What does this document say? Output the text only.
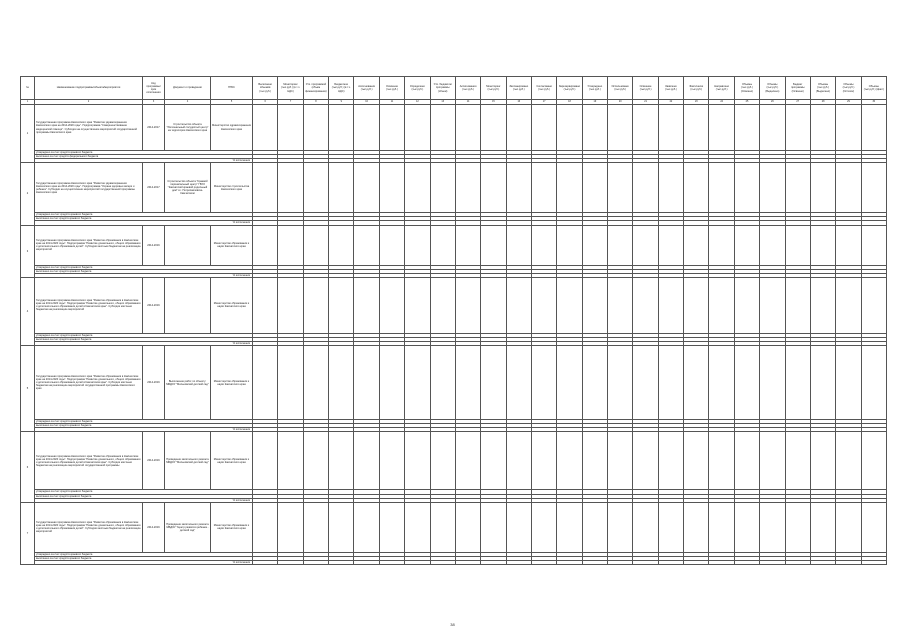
№	Наименование подпрограммы/объекта/мероприятия	Код программы/ срок исполнения	Документ о проведении	ГРБС	Выполнено объемов (тыс.руб.)	Мониторинг (тыс.руб.) (в т.ч. НДС)	Утв. программой (объем финансирования)	Бюджетное (тыс.руб.) (в т.ч. НДС)	Ассигнования (тыс.руб.)	Освоение (тыс.руб.)	Определено (тыс.руб.)	Утв. бюджетом программы (объем)	Ассигнования (тыс.руб.)	Мониторинг (тыс.руб.)	Запланировано (тыс.руб.)	Согласовано (тыс.руб.)	Зарезервировано (тыс.руб.)	Утверждено (тыс.руб.)	Использовано (тыс.руб.)	Освоение (тыс.руб.)	Заявлено (тыс.руб.)	Фактически (тыс.руб.)	Направлено (тыс.руб.)	Объемы (тыс.руб.) (Освоено)	Объемы (тыс.руб.) (Выделено)	Бюджет программы (Освоено)	Объемы (тыс.руб.) (Выделено)	Объемы (тыс.руб.) (Остаток)	Объемы (тыс.руб.) (факт)
1	2	3	4	5	6	7	8	9	10	11	12	13	14	15	16	17	18	19	20	21	22	23	24	25	26	27	28	29	30
1	Государственная программа Камчатского края "Развитие здравоохранения Камчатского края на 2014-2020 годы". Подпрограмма "Совершенствование медицинской помощи". Субсидии на осуществление мероприятий государственной программы Камчатского края	2014-2017	Строительство объекта "Региональный сосудистый центр" на территории Камчатского края	Министерство здравоохранения Камчатского края																									
	утверждено за счет средств краевого бюджета																												
	выполнено за счет средств федерального бюджета																												
	% исполнения																												
2	Государственная программа Камчатского края "Развитие здравоохранения Камчатского края на 2014-2020 годы". Подпрограмма "Охрана здоровья матери и ребенка". Субсидии на осуществление мероприятий государственной программы Камчатского края	2014-2017	Строительство объекта "Краевой перинатальный центр" ГБУЗ "Камчатский краевой родильный дом" в г. Петропавловске-Камчатском	Министерство строительства Камчатского края																									
	утверждено за счет средств краевого бюджета																												
	выполнено за счет средств краевого бюджета																												
	% исполнения																												
3	Государственная программа Камчатского края "Развитие образования в Камчатском крае на 2014-2020 годы". Подпрограмма "Развитие дошкольного, общего образования и дополнительного образования детей". Субсидии местным бюджетам на реализацию мероприятий	2014-2016		Министерство образования и науки Камчатского края																									
	утверждено за счет средств краевого бюджета																												
	выполнено за счет средств краевого бюджета																												
	% исполнения																												
4	Государственная программа Камчатского края "Развитие образования в Камчатском крае на 2014-2020 годы". Подпрограмма "Развитие дошкольного, общего образования и дополнительного образования детей в Камчатском крае". Субсидии местным бюджетам на реализацию мероприятий	2014-2016		Министерство образования и науки Камчатского края																									
	утверждено за счет средств краевого бюджета																												
	выполнено за счет средств краевого бюджета																												
	% исполнения																												
5	Государственная программа Камчатского края "Развитие образования в Камчатском крае на 2014-2020 годы". Подпрограмма "Развитие дошкольного, общего образования и дополнительного образования детей в Камчатском крае". Субсидии местным бюджетам на реализацию мероприятий государственной программы Камчатского края	2014-2016	Выполнение работ по объекту: МБДОУ "Мильковский детский сад"	Министерство образования и науки Камчатского края																									
	утверждено за счет средств краевого бюджета																												
	выполнено за счет средств краевого бюджета																												
	% исполнения																												
6	Государственная программа Камчатского края "Развитие образования в Камчатском крае на 2014-2020 годы". Подпрограмма "Развитие дошкольного, общего образования и дополнительного образования детей в Камчатском крае". Субсидии местным бюджетам на реализацию мероприятий государственной программы	2014-2016	Проведение капитального ремонта МБДОУ "Мильковский детский сад"	Министерство образования и науки Камчатского края																									
	утверждено за счет средств краевого бюджета																												
	выполнено за счет средств краевого бюджета																												
	% исполнения																												
7	Государственная программа Камчатского края "Развитие образования в Камчатском крае на 2014-2020 годы". Подпрограмма "Развитие дошкольного, общего образования и дополнительного образования детей". Субсидии местным бюджетам на реализацию мероприятий	2014-2016	Проведение капитального ремонта МБДОУ "Центр развития ребенка - детский сад"	Министерство образования и науки Камчатского края																									
	утверждено за счет средств краевого бюджета																												
	выполнено за счет средств краевого бюджета																												
	% исполнения																												
38
